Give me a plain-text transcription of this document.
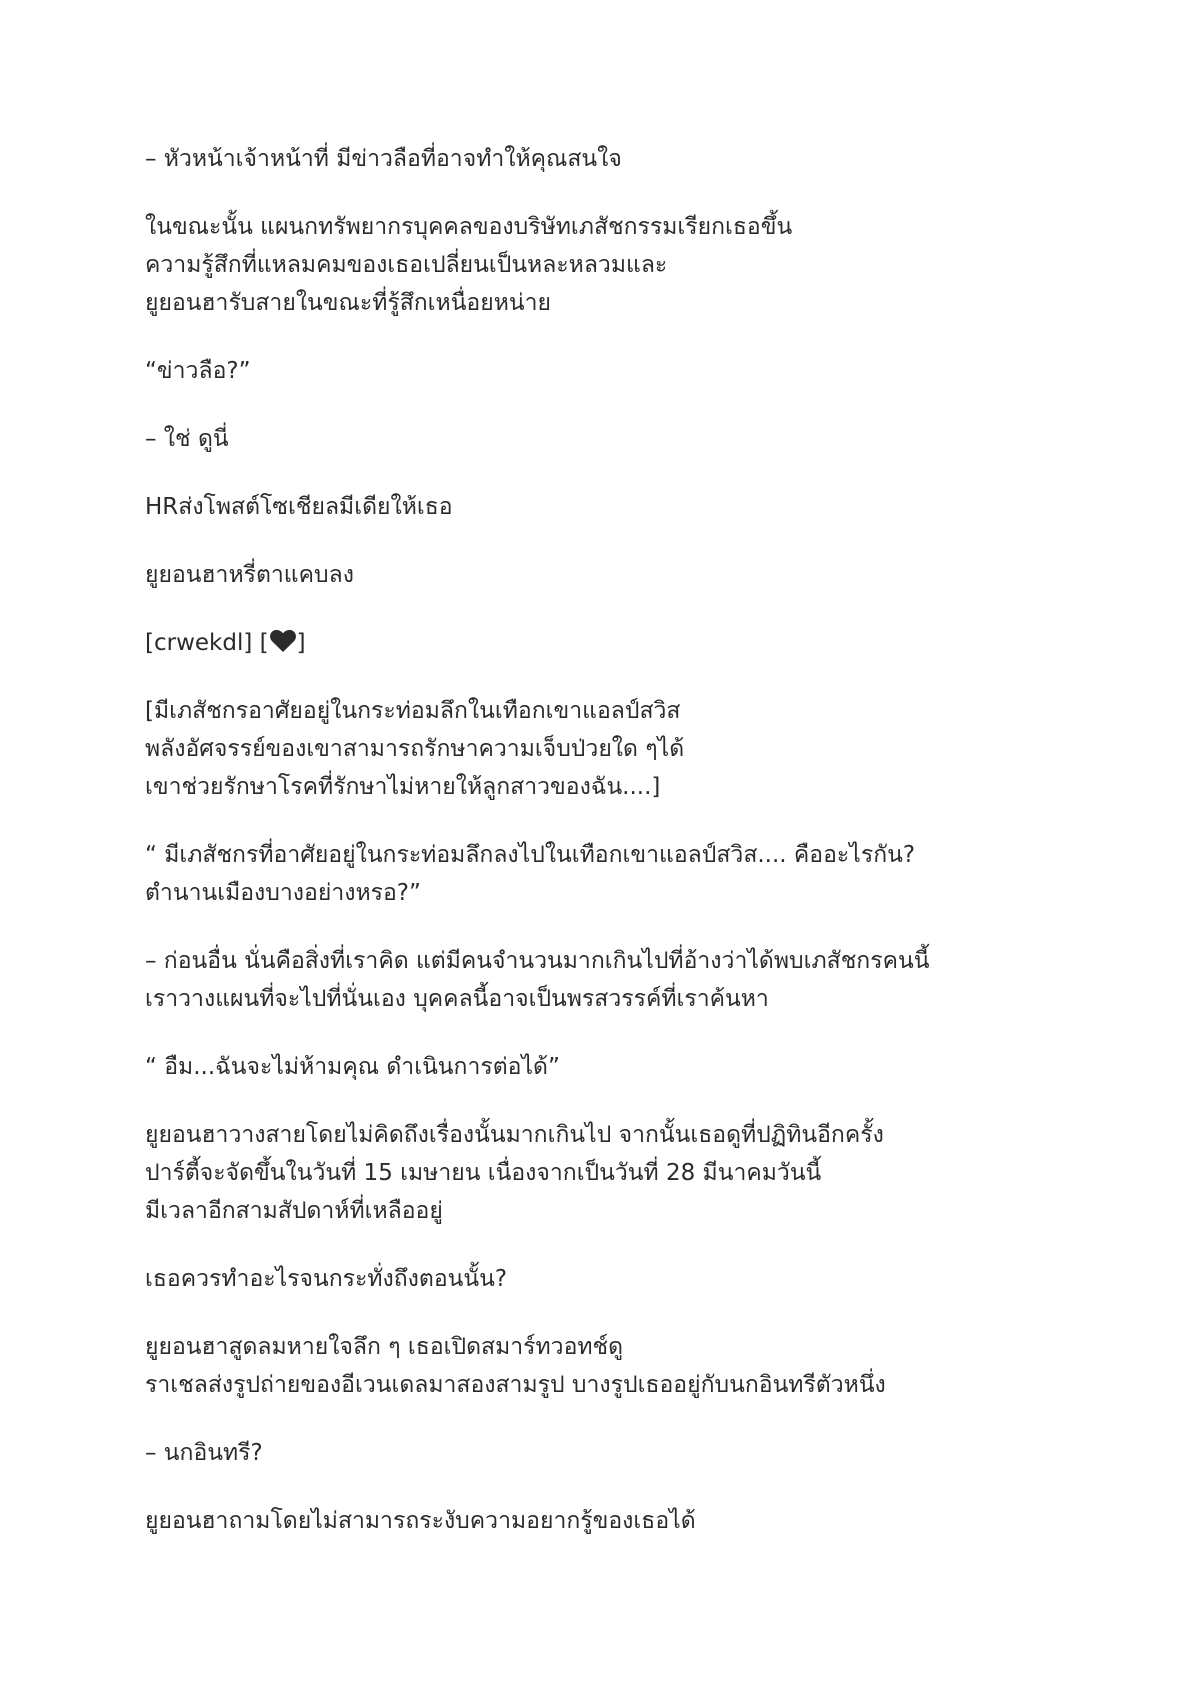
– หัวหน้าเจ้าหน้าที่ มีข่าวลือที่อาจทำให้คุณสนใจ

ในขณะนั้น แผนกทรัพยากรบุคคลของบริษัทเภสัชกรรมเรียกเธอขึ้น
ความรู้สึกที่แหลมคมของเธอเปลี่ยนเป็นหละหลวมและ
ยูยอนฮารับสายในขณะที่รู้สึกเหนื่อยหน่าย

“ข่าวลือ?”

– ใช่ ดูนี่

HRส่งโพสต์โซเชียลมีเดียให้เธอ

ยูยอนฮาหรี่ตาแคบลง

[crwekdl] [ ]

[มีเภสัชกรอาศัยอยู่ในกระท่อมลึกในเทือกเขาแอลป์สวิส
พลังอัศจรรย์ของเขาสามารถรักษาความเจ็บป่วยใด ๆได้
เขาช่วยรักษาโรคที่รักษาไม่หายให้ลูกสาวของฉัน....]

“ มีเภสัชกรที่อาศัยอยู่ในกระท่อมลึกลงไปในเทือกเขาแอลป์สวิส.... คืออะไรกัน?
ตำนานเมืองบางอย่างหรอ?”

– ก่อนอื่น นั่นคือสิ่งที่เราคิด แต่มีคนจำนวนมากเกินไปที่อ้างว่าได้พบเภสัชกรคนนี้
เราวางแผนที่จะไปที่นั่นเอง บุคคลนี้อาจเป็นพรสวรรค์ที่เราค้นหา

“ อืม...ฉันจะไม่ห้ามคุณ ดำเนินการต่อได้”

ยูยอนฮาวางสายโดยไม่คิดถึงเรื่องนั้นมากเกินไป จากนั้นเธอดูที่ปฏิทินอีกครั้ง
ปาร์ตี้จะจัดขึ้นในวันที่ 15 เมษายน เนื่องจากเป็นวันที่ 28 มีนาคมวันนี้
มีเวลาอีกสามสัปดาห์ที่เหลืออยู่

เธอควรทำอะไรจนกระทั่งถึงตอนนั้น?

ยูยอนฮาสูดลมหายใจลึก ๆ เธอเปิดสมาร์ทวอทช์ดู
ราเชลส่งรูปถ่ายของอีเวนเดลมาสองสามรูป บางรูปเธออยู่กับนกอินทรีตัวหนึ่ง

– นกอินทรี?

ยูยอนฮาถามโดยไม่สามารถระงับความอยากรู้ของเธอได้
